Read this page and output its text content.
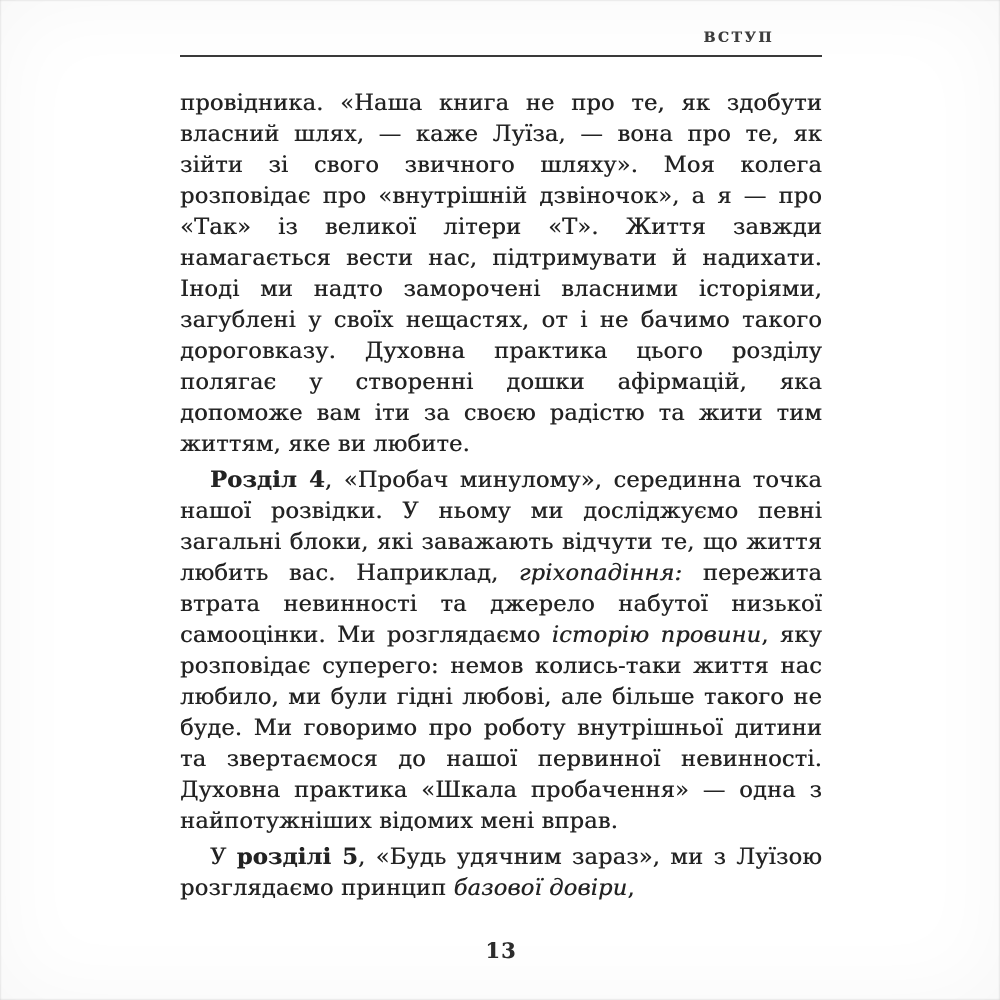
ВСТУП

провідника. «Наша книга не про те, як здобути власний шлях, — каже Луїза, — вона про те, як зійти зі свого звичного шляху». Моя колега розповідає про «внутрішній дзвіночок», а я — про «Так» із великої літери «Т». Життя завжди намагається вести нас, підтримувати й надихати. Іноді ми надто заморочені власними історіями, загублені у своїх нещастях, от і не бачимо такого дороговказу. Духовна практика цього розділу полягає у створенні дошки афірмацій, яка допоможе вам іти за своєю радістю та жити тим життям, яке ви любите.

Розділ 4, «Пробач минулому», серединна точка нашої розвідки. У ньому ми досліджуємо певні загальні блоки, які заважають відчути те, що життя любить вас. Наприклад, гріхопадіння: пережита втрата невинності та джерело набутої низької самооцінки. Ми розглядаємо історію провини, яку розповідає суперего: немов колись-таки життя нас любило, ми були гідні любові, але більше такого не буде. Ми говоримо про роботу внутрішньої дитини та звертаємося до нашої первинної невинності. Духовна практика «Шкала пробачення» — одна з найпотужніших відомих мені вправ.

У розділі 5, «Будь удячним зараз», ми з Луїзою розглядаємо принцип базової довіри,

13
